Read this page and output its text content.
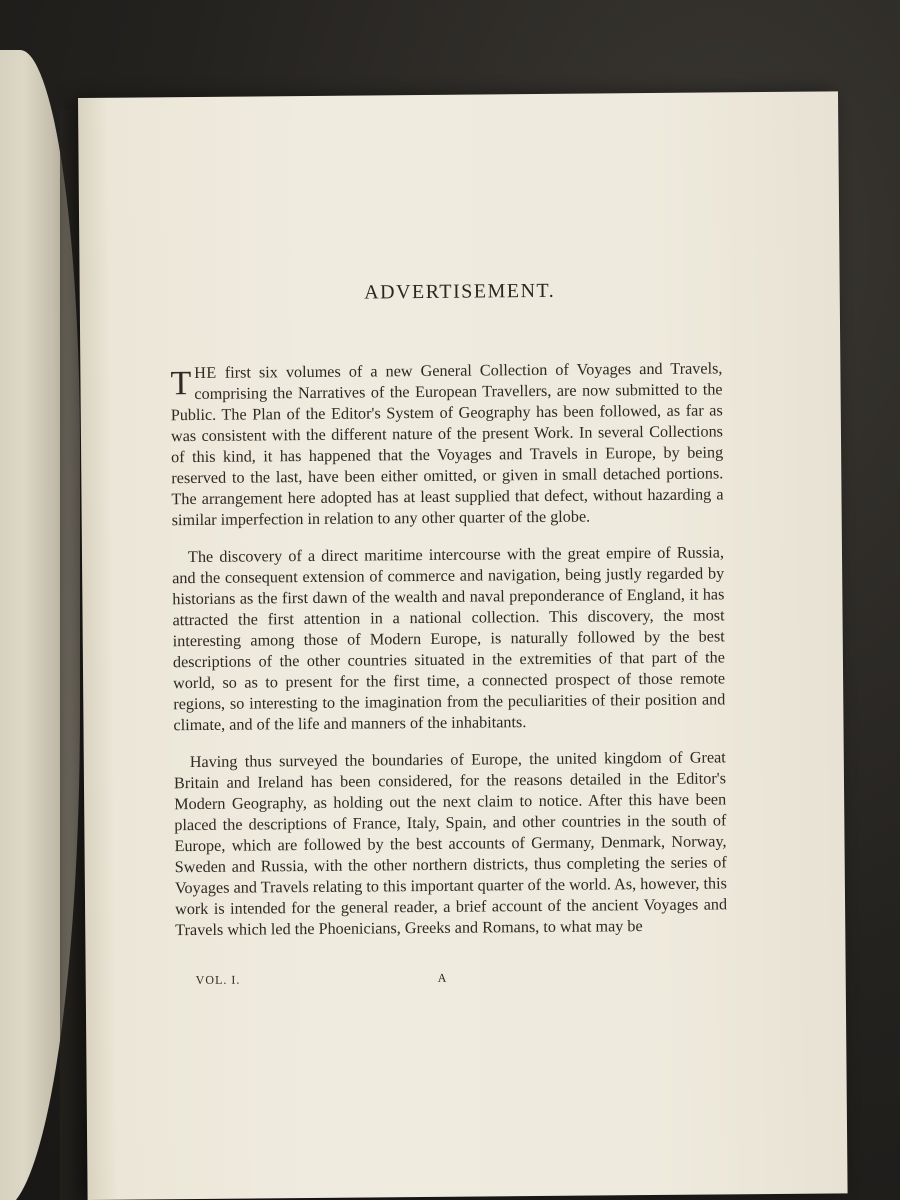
ADVERTISEMENT.

THE first six volumes of a new General Collection of Voyages and Travels, comprising the Narratives of the European Travellers, are now submitted to the Public. The Plan of the Editor's System of Geography has been followed, as far as was consistent with the different nature of the present Work. In several Collections of this kind, it has happened that the Voyages and Travels in Europe, by being reserved to the last, have been either omitted, or given in small detached portions. The arrangement here adopted has at least supplied that defect, without hazarding a similar imperfection in relation to any other quarter of the globe.

The discovery of a direct maritime intercourse with the great empire of Russia, and the consequent extension of commerce and navigation, being justly regarded by historians as the first dawn of the wealth and naval preponderance of England, it has attracted the first attention in a national collection. This discovery, the most interesting among those of Modern Europe, is naturally followed by the best descriptions of the other countries situated in the extremities of that part of the world, so as to present for the first time, a connected prospect of those remote regions, so interesting to the imagination from the peculiarities of their position and climate, and of the life and manners of the inhabitants.

Having thus surveyed the boundaries of Europe, the united kingdom of Great Britain and Ireland has been considered, for the reasons detailed in the Editor's Modern Geography, as holding out the next claim to notice. After this have been placed the descriptions of France, Italy, Spain, and other countries in the south of Europe, which are followed by the best accounts of Germany, Denmark, Norway, Sweden and Russia, with the other northern districts, thus completing the series of Voyages and Travels relating to this important quarter of the world. As, however, this work is intended for the general reader, a brief account of the ancient Voyages and Travels which led the Phoenicians, Greeks and Romans, to what may be

VOL. I.	A
